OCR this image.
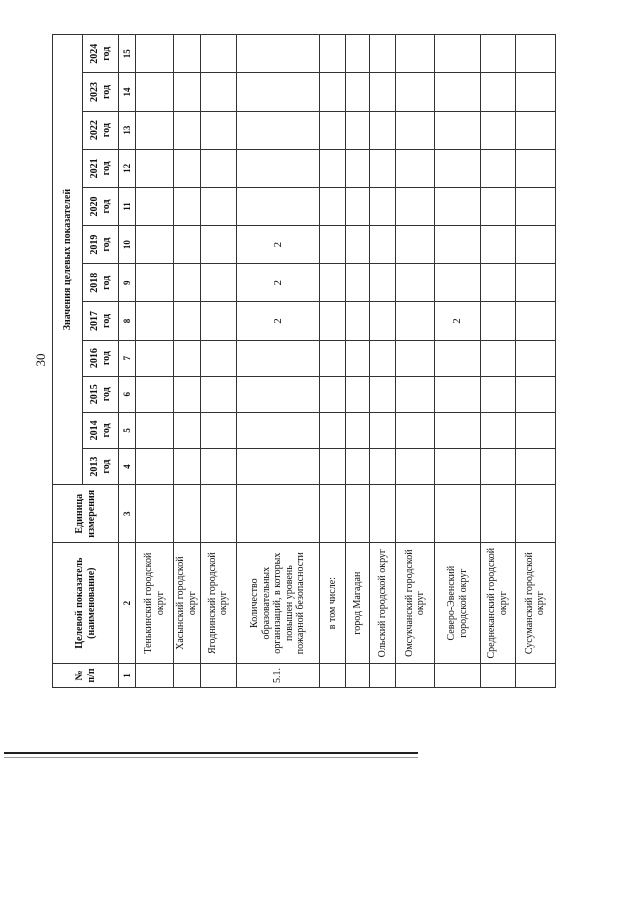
30
№ п/п	Целевой показатель (наименование)	Единица измерения	Значения целевых показателей											
			2013 год	2014 год	2015 год	2016 год	2017 год	2018 год	2019 год	2020 год	2021 год	2022 год	2023 год	2024 год
1	2	3	4	5	6	7	8	9	10	11	12	13	14	15
	Тенькинский городской округ													
	Хасынский городской округ													
	Ягоднинский городской округ													
5.1.	Количество образовательных организаций, в которых повышен уровень пожарной безопасности						2	2	2					
	в том числе:													
	город Магадан													
	Ольский городской округ													
	Омсукчанский городской округ													
	Северо-Эвенский городской округ						2							
	Среднеканский городской округ													
	Сусуманский городской округ													
